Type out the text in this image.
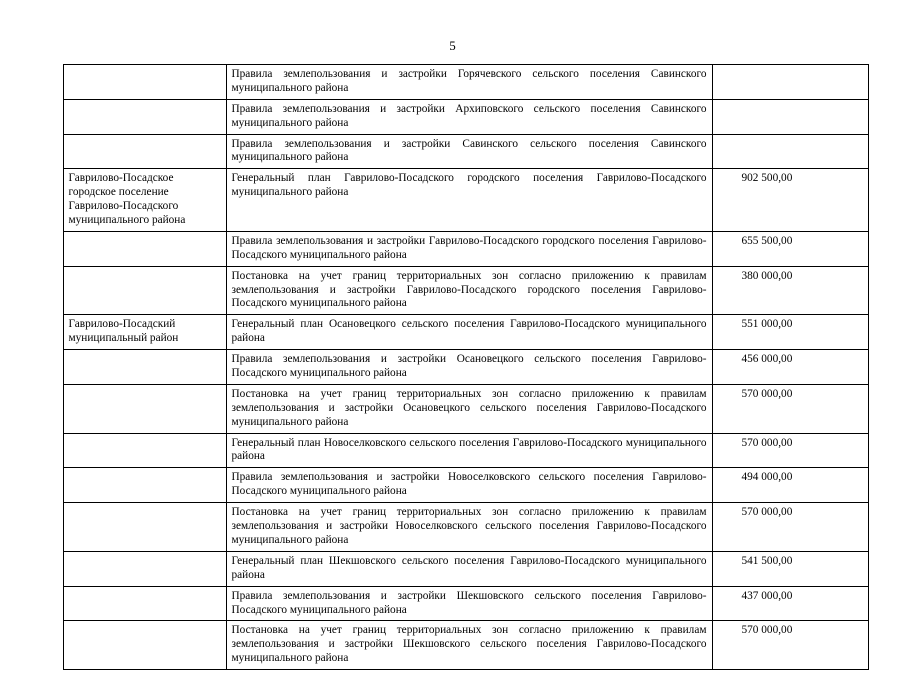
5

	Правила землепользования и застройки Горячевского сельского поселения Савинского муниципального района	

	Правила землепользования и застройки Архиповского сельского поселения Савинского муниципального района	

	Правила землепользования и застройки Савинского сельского поселения Савинского муниципального района	

Гаврилово-Посадское городское поселение Гаврилово-Посадского муниципального района	Генеральный план Гаврилово-Посадского городского поселения Гаврилово-Посадского муниципального района	902 500,00

	Правила землепользования и застройки Гаврилово-Посадского городского поселения Гаврилово-Посадского муниципального района	655 500,00

	Постановка на учет границ территориальных зон согласно приложению к правилам землепользования и застройки Гаврилово-Посадского городского поселения Гаврилово-Посадского муниципального района	380 000,00

Гаврилово-Посадский муниципальный район	Генеральный план Осановецкого сельского поселения Гаврилово-Посадского муниципального района	551 000,00

	Правила землепользования и застройки Осановецкого сельского поселения Гаврилово-Посадского муниципального района	456 000,00

	Постановка на учет границ территориальных зон согласно приложению к правилам землепользования и застройки Осановецкого сельского поселения Гаврилово-Посадского муниципального района	570 000,00

	Генеральный план Новоселковского сельского поселения Гаврилово-Посадского муниципального района	570 000,00

	Правила землепользования и застройки Новоселковского сельского поселения Гаврилово-Посадского муниципального района	494 000,00

	Постановка на учет границ территориальных зон согласно приложению к правилам землепользования и застройки Новоселковского сельского поселения Гаврилово-Посадского муниципального района	570 000,00

	Генеральный план Шекшовского сельского поселения Гаврилово-Посадского муниципального района	541 500,00

	Правила землепользования и застройки Шекшовского сельского поселения Гаврилово-Посадского муниципального района	437 000,00

	Постановка на учет границ территориальных зон согласно приложению к правилам землепользования и застройки Шекшовского сельского поселения Гаврилово-Посадского муниципального района	570 000,00
